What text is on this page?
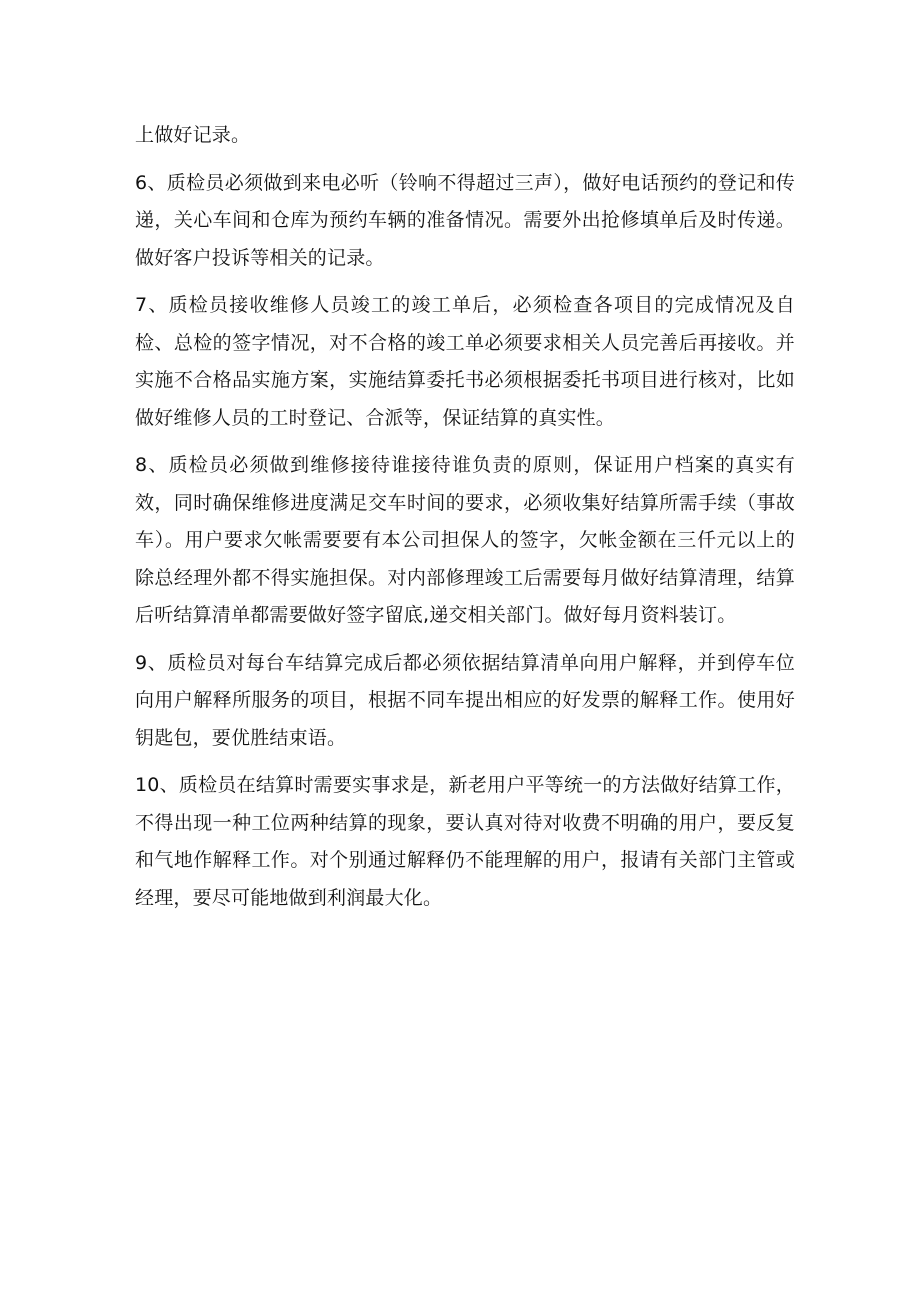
上做好记录。

6、质检员必须做到来电必听（铃响不得超过三声），做好电话预约的登记和传递，关心车间和仓库为预约车辆的准备情况。需要外出抢修填单后及时传递。做好客户投诉等相关的记录。

7、质检员接收维修人员竣工的竣工单后，必须检查各项目的完成情况及自检、总检的签字情况，对不合格的竣工单必须要求相关人员完善后再接收。并实施不合格品实施方案，实施结算委托书必须根据委托书项目进行核对，比如做好维修人员的工时登记、合派等，保证结算的真实性。

8、质检员必须做到维修接待谁接待谁负责的原则，保证用户档案的真实有效，同时确保维修进度满足交车时间的要求，必须收集好结算所需手续（事故车）。用户要求欠帐需要要有本公司担保人的签字，欠帐金额在三仟元以上的除总经理外都不得实施担保。对内部修理竣工后需要每月做好结算清理，结算后听结算清单都需要做好签字留底,递交相关部门。做好每月资料装订。

9、质检员对每台车结算完成后都必须依据结算清单向用户解释，并到停车位向用户解释所服务的项目，根据不同车提出相应的好发票的解释工作。使用好钥匙包，要优胜结束语。

10、质检员在结算时需要实事求是，新老用户平等统一的方法做好结算工作，不得出现一种工位两种结算的现象，要认真对待对收费不明确的用户，要反复和气地作解释工作。对个别通过解释仍不能理解的用户，报请有关部门主管或经理，要尽可能地做到利润最大化。
